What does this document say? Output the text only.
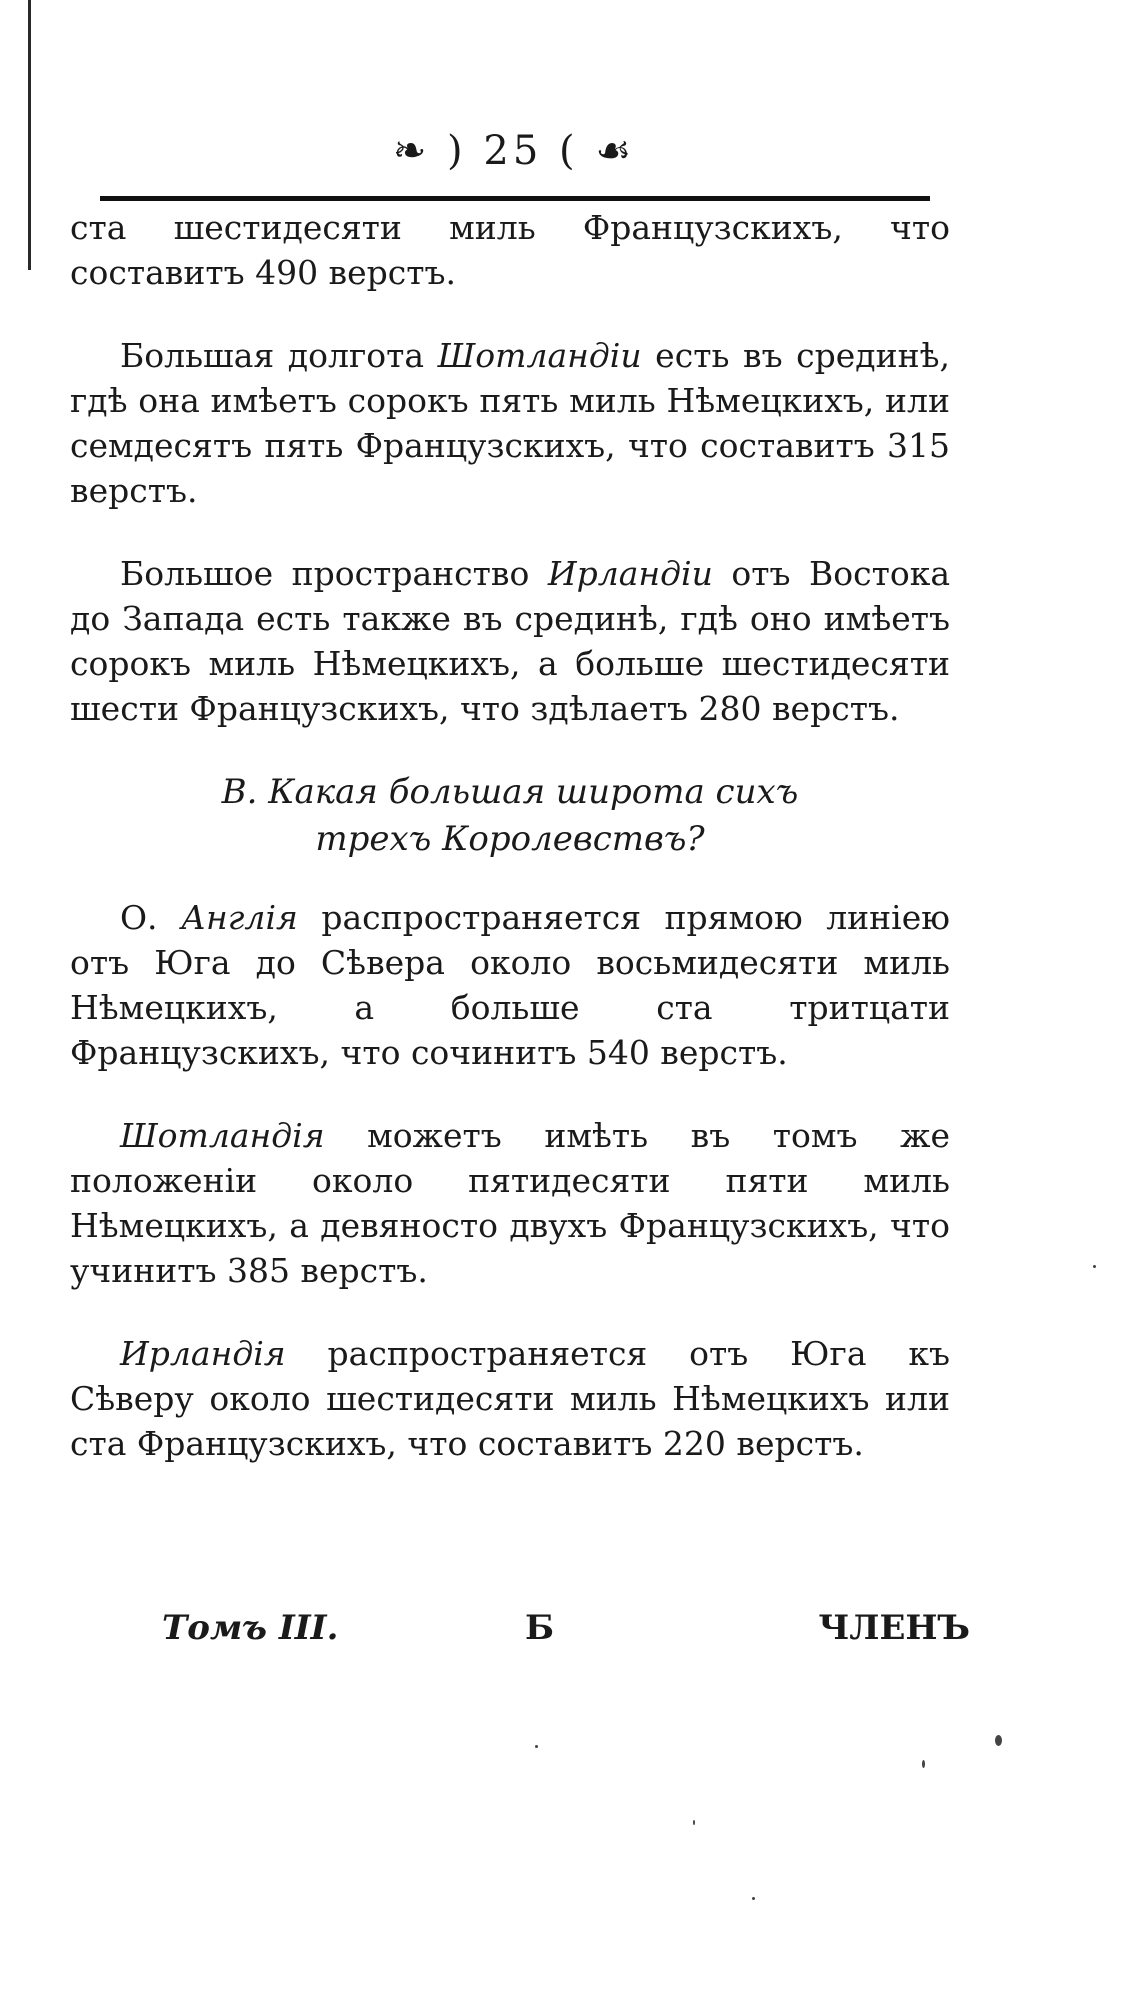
❧ ) 25 ( ☙

ста шестидесяти миль Французскихъ, что составитъ 490 верстъ.

Большая долгота Шотландіи есть въ срединѣ, гдѣ она имѣетъ сорокъ пять миль Нѣмецкихъ, или семдесятъ пять Французскихъ, что составитъ 315 верстъ.

Большое пространство Ирландіи отъ Востока до Запада есть также въ срединѣ, гдѣ оно имѣетъ сорокъ миль Нѣмецкихъ, а больше шестидесяти шести Французскихъ, что здѣлаетъ 280 верстъ.

В. Какая большая широта сихъ
трехъ Королевствъ?

О. Англія распространяется прямою линіею отъ Юга до Сѣвера около восьмидесяти миль Нѣмецкихъ, а больше ста тритцати Французскихъ, что сочинитъ 540 верстъ.

Шотландія можетъ имѣть въ томъ же положеніи около пятидесяти пяти миль Нѣмецкихъ, а девяносто двухъ Французскихъ, что учинитъ 385 верстъ.

Ирландія распространяется отъ Юга къ Сѣверу около шестидесяти миль Нѣмецкихъ или ста Французскихъ, что составитъ 220 верстъ.

Томъ III.	Б	ЧЛЕНЪ
